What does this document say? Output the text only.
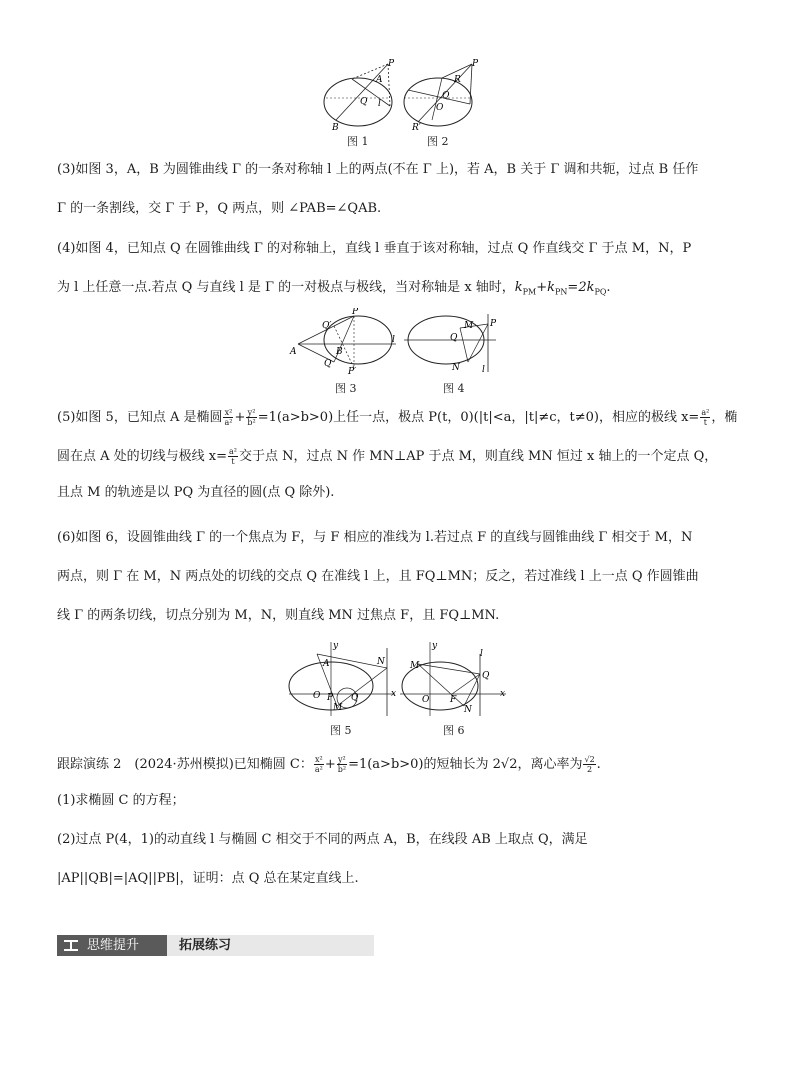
P
A
Q l
B
图 1
P
R
Q
O
R′
图 2
(3)如图 3，A，B 为圆锥曲线 Γ 的一条对称轴 l 上的两点(不在 Γ 上)，若 A，B 关于 Γ 调和共轭，过点 B 任作
Γ 的一条割线，交 Γ 于 P，Q 两点，则 ∠PAB=∠QAB.
(4)如图 4，已知点 Q 在圆锥曲线 Γ 的对称轴上，直线 l 垂直于该对称轴，过点 Q 作直线交 Γ 于点 M，N，P
为 l 上任意一点.若点 Q 与直线 l 是 Γ 的一对极点与极线，当对称轴是 x 轴时，$k_{PM}+k_{PN}=2k_{PQ}$.
P
Q′
A	B
Q
P′
l
图 3
M P
Q
N l
图 4
(5)如图 5，已知点 A 是椭圆 $\frac{\text{x²}}{\text{a²}} + \frac{\text{y²}}{\text{b²}} =1(a>b>0)$上任一点，极点 P(t，0)(|t|<a，|t|≠c，t≠0)，相应的极线 $x= \frac{\text{a²}}{t}$ ，椭
圆在点 A 处的切线与极线 $x= \frac{\text{a²}}{t}$ 交于点 N，过点 N 作 MN⊥AP 于点 M，则直线 MN 恒过 x 轴上的一个定点 Q，
且点 M 的轨迹是以 PQ 为直径的圆(点 Q 除外).
(6)如图 6，设圆锥曲线 Γ 的一个焦点为 F，与 F 相应的准线为 l.若过点 F 的直线与圆锥曲线 Γ 相交于 M，N
两点，则 Γ 在 M，N 两点处的切线的交点 Q 在准线 l 上，且 FQ⊥MN；反之，若过准线 l 上一点 Q 作圆锥曲
线 Γ 的两条切线，切点分别为 M，N，则直线 MN 过焦点 F，且 FQ⊥MN.
y
A	N
O P Q
M
x
图 5
y
l
M
Q
O F
N
x
图 6
跟踪演练 2　(2024·苏州模拟)已知椭圆 C： $\frac{\text{x²}}{\text{a²}} + \frac{\text{y²}}{\text{b²}} =1(a>b>0)$的短轴长为 2√2，离心率为 $\frac{√2}{2}$ .
(1)求椭圆 C 的方程；
(2)过点 P(4，1)的动直线 l 与椭圆 C 相交于不同的两点 A，B，在线段 AB 上取点 Q，满足
|AP||QB|=|AQ||PB|，证明：点 Q 总在某定直线上.
思维提升	拓展练习
